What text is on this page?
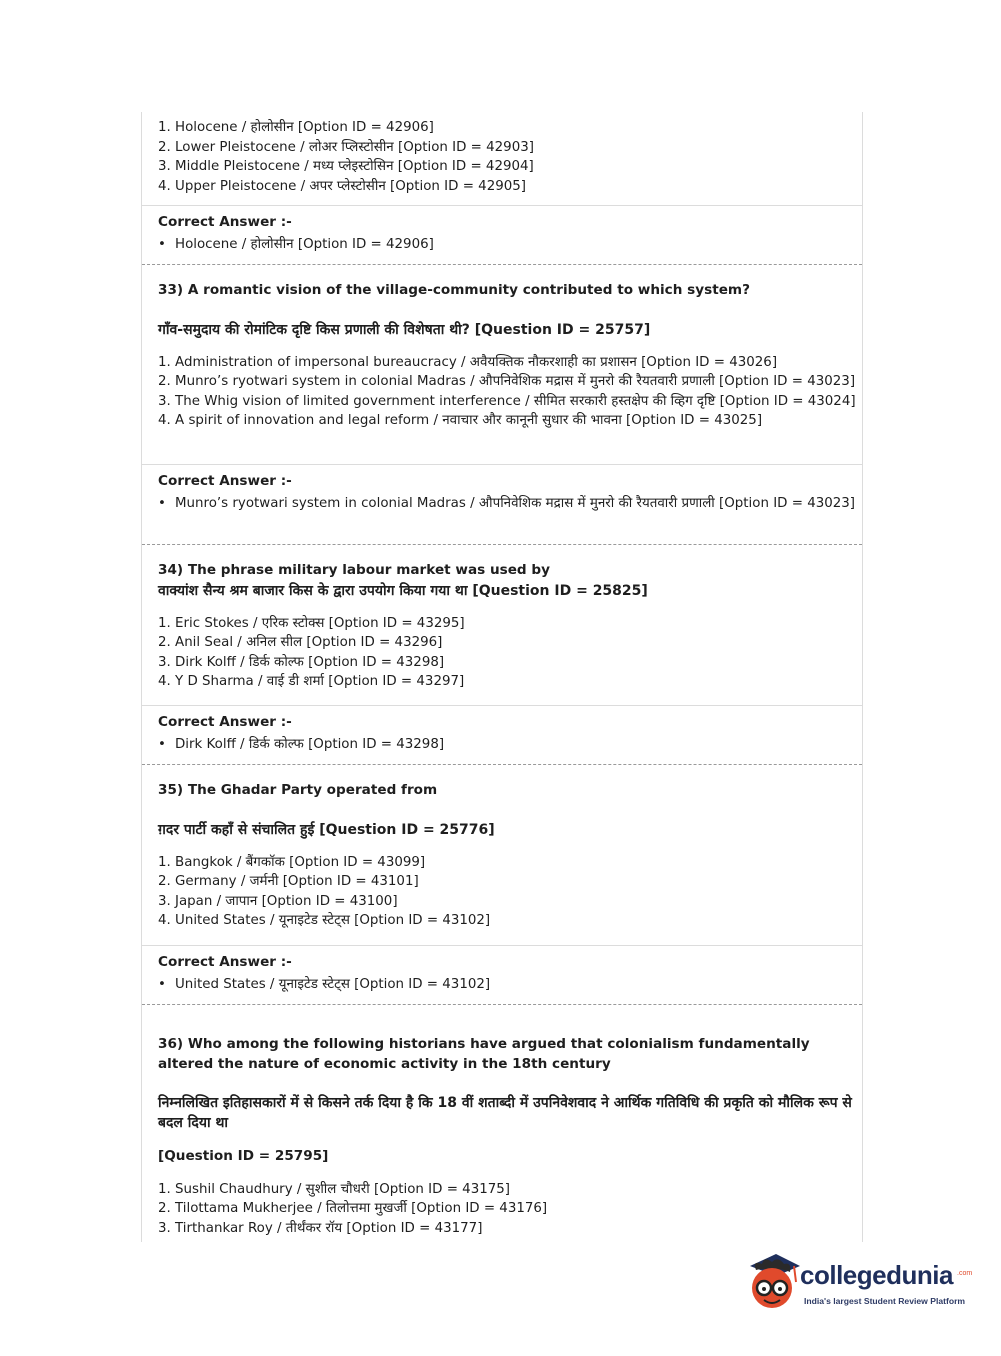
1. Holocene / होलोसीन [Option ID = 42906]
2. Lower Pleistocene / लोअर प्लिस्टोसीन [Option ID = 42903]
3. Middle Pleistocene / मध्य प्लेइस्टोसिन [Option ID = 42904]
4. Upper Pleistocene / अपर प्लेस्टोसीन [Option ID = 42905]
Correct Answer :-
• Holocene / होलोसीन [Option ID = 42906]
33) A romantic vision of the village-community contributed to which system?
गाँव-समुदाय की रोमांटिक दृष्टि किस प्रणाली की विशेषता थी? [Question ID = 25757]
1. Administration of impersonal bureaucracy / अवैयक्तिक नौकरशाही का प्रशासन [Option ID = 43026]
2. Munro’s ryotwari system in colonial Madras / औपनिवेशिक मद्रास में मुनरो की रैयतवारी प्रणाली [Option ID = 43023]
3. The Whig vision of limited government interference / सीमित सरकारी हस्तक्षेप की व्हिग दृष्टि [Option ID = 43024]
4. A spirit of innovation and legal reform / नवाचार और कानूनी सुधार की भावना [Option ID = 43025]
Correct Answer :-
• Munro’s ryotwari system in colonial Madras / औपनिवेशिक मद्रास में मुनरो की रैयतवारी प्रणाली [Option ID = 43023]
34) The phrase military labour market was used by
वाक्यांश सैन्य श्रम बाजार किस के द्वारा उपयोग किया गया था [Question ID = 25825]
1. Eric Stokes / एरिक स्टोक्स [Option ID = 43295]
2. Anil Seal / अनिल सील [Option ID = 43296]
3. Dirk Kolff / डिर्क कोल्फ [Option ID = 43298]
4. Y D Sharma / वाई डी शर्मा [Option ID = 43297]
Correct Answer :-
• Dirk Kolff / डिर्क कोल्फ [Option ID = 43298]
35) The Ghadar Party operated from
ग़दर पार्टी कहाँ से संचालित हुई [Question ID = 25776]
1. Bangkok / बैंगकॉक [Option ID = 43099]
2. Germany / जर्मनी [Option ID = 43101]
3. Japan / जापान [Option ID = 43100]
4. United States / यूनाइटेड स्टेट्स [Option ID = 43102]
Correct Answer :-
• United States / यूनाइटेड स्टेट्स [Option ID = 43102]
36) Who among the following historians have argued that colonialism fundamentally altered the nature of economic activity in the 18th century
निम्नलिखित इतिहासकारों में से किसने तर्क दिया है कि 18 वीं शताब्दी में उपनिवेशवाद ने आर्थिक गतिविधि की प्रकृति को मौलिक रूप से बदल दिया था
[Question ID = 25795]
1. Sushil Chaudhury / सुशील चौधरी [Option ID = 43175]
2. Tilottama Mukherjee / तिलोत्तमा मुखर्जी [Option ID = 43176]
3. Tirthankar Roy / तीर्थंकर रॉय [Option ID = 43177]
collegedunia .com
India's largest Student Review Platform
